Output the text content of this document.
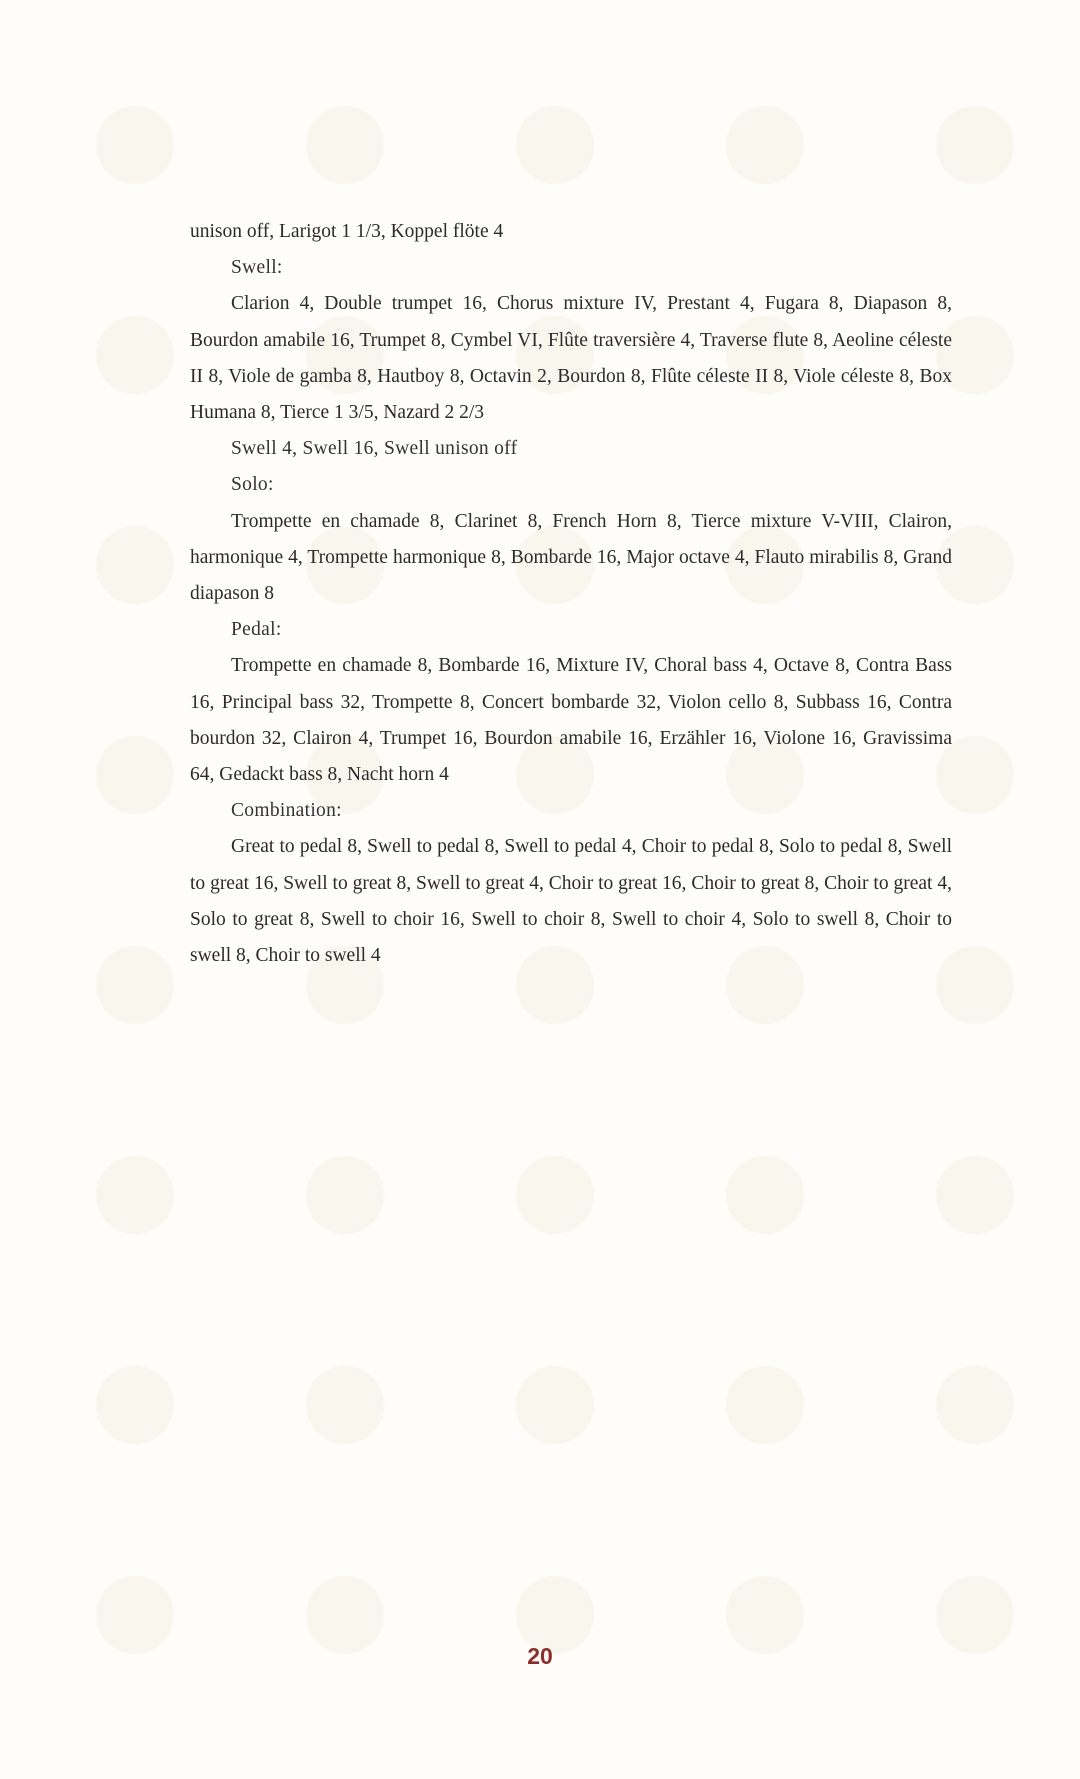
unison off, Larigot 1 1/3, Koppel flöte 4

Swell:

Clarion 4, Double trumpet 16, Chorus mixture IV, Prestant 4, Fugara 8, Diapason 8, Bourdon amabile 16, Trumpet 8, Cymbel VI, Flûte traversière 4, Traverse flute 8, Aeoline céleste II 8, Viole de gamba 8, Hautboy 8, Octavin 2, Bourdon 8, Flûte céleste II 8, Viole céleste 8, Box Humana 8, Tierce 1 3/5, Nazard 2 2/3

Swell 4, Swell 16, Swell unison off

Solo:

Trompette en chamade 8, Clarinet 8, French Horn 8, Tierce mixture V-VIII, Clairon, harmonique 4, Trompette harmonique 8, Bombarde 16, Major octave 4, Flauto mirabilis 8, Grand diapason 8

Pedal:

Trompette en chamade 8, Bombarde 16, Mixture IV, Choral bass 4, Octave 8, Contra Bass 16, Principal bass 32, Trompette 8, Concert bombarde 32, Violon cello 8, Subbass 16, Contra bourdon 32, Clairon 4, Trumpet 16, Bourdon amabile 16, Erzähler 16, Violone 16, Gravissima 64, Gedackt bass 8, Nacht horn 4

Combination:

Great to pedal 8, Swell to pedal 8, Swell to pedal 4, Choir to pedal 8, Solo to pedal 8, Swell to great 16, Swell to great 8, Swell to great 4, Choir to great 16, Choir to great 8, Choir to great 4, Solo to great 8, Swell to choir 16, Swell to choir 8, Swell to choir 4, Solo to swell 8, Choir to swell 8, Choir to swell 4

20
